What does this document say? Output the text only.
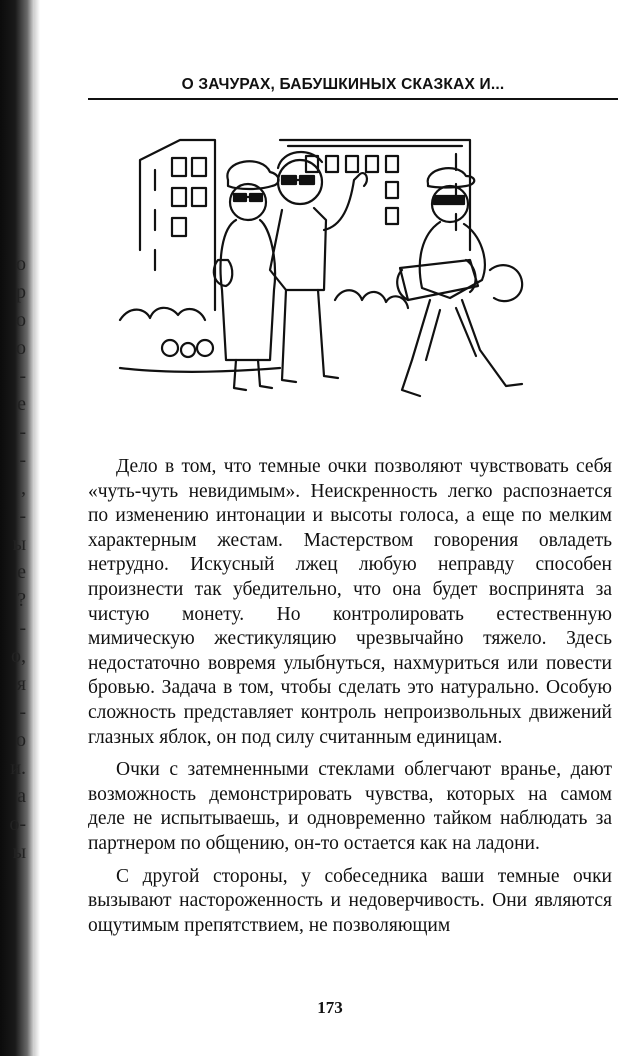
о
р
о
о
-
е
-
-
,
-
ы
е
?
-
о,
я
-
о
и.
а
о-
ы
О ЗАЧУРАХ, БАБУШКИНЫХ СКАЗКАХ И...

Дело в том, что темные очки позволяют чувствовать себя «чуть-чуть невидимым». Неискренность легко распознается по изменению интонации и высоты голоса, а еще по мелким характерным жестам. Мастерством говорения овладеть нетрудно. Искусный лжец любую неправду способен произнести так убедительно, что она будет воспринята за чистую монету. Но контролировать естественную мимическую жестикуляцию чрезвычайно тяжело. Здесь недостаточно вовремя улыбнуться, нахмуриться или повести бровью. Задача в том, чтобы сделать это натурально. Особую сложность представляет контроль непроизвольных движений глазных яблок, он под силу считанным единицам.

Очки с затемненными стеклами облегчают вранье, дают возможность демонстрировать чувства, которых на самом деле не испытываешь, и одновременно тайком наблюдать за партнером по общению, он-то остается как на ладони.

С другой стороны, у собеседника ваши темные очки вызывают настороженность и недоверчивость. Они являются ощутимым препятствием, не позволяющим

173
